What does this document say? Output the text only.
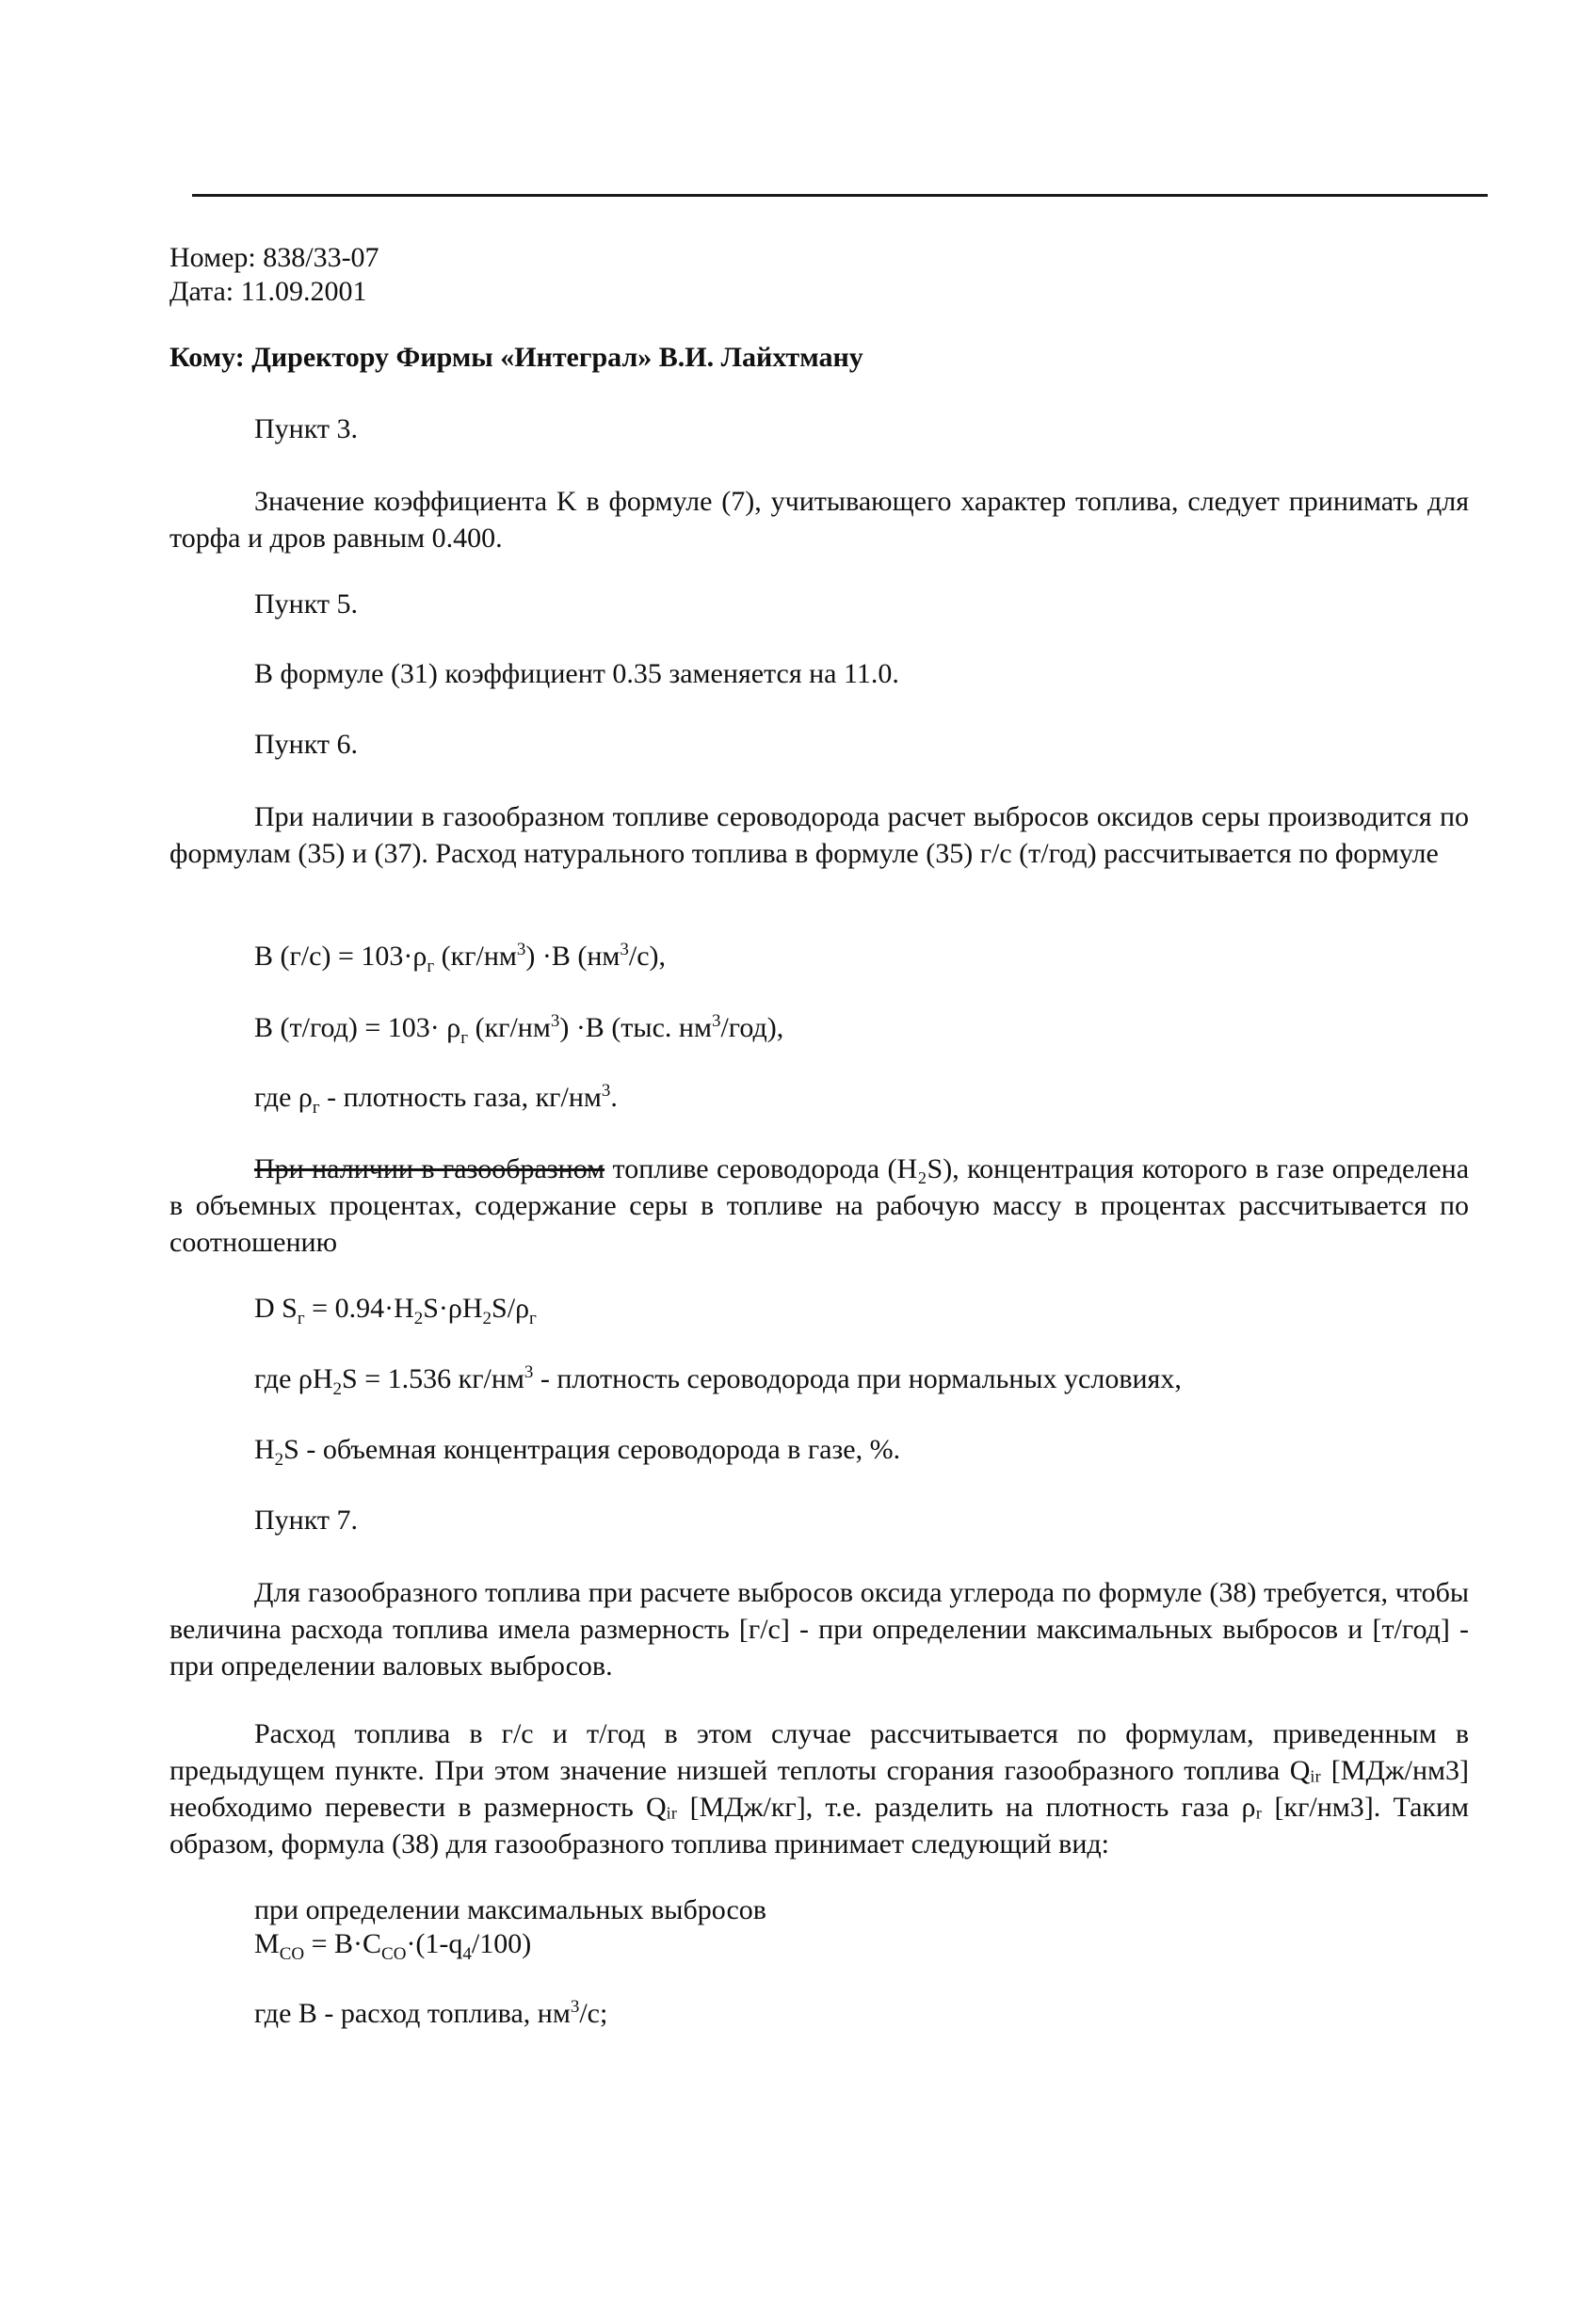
Номер: 838/33-07
Дата: 11.09.2001
Кому: Директору Фирмы «Интеграл» В.И. Лайхтману
Пункт 3.
Значение коэффициента K в формуле (7), учитывающего характер топлива, следует принимать для торфа и дров равным 0.400.
Пункт 5.
В формуле (31) коэффициент 0.35 заменяется на 11.0.
Пункт 6.
При наличии в газообразном топливе сероводорода расчет выбросов оксидов серы производится по формулам (35) и (37). Расход натурального топлива в формуле (35) г/с (т/год) рассчитывается по формуле
В $(г/с) = 103\cdot\rho_г$ $(кг/нм^3) \cdot В$ $(нм^3/с)$,
В $(т/год) = 103\cdot \rho_г$ $(кг/нм^3) \cdot В$ (тыс. $нм^3/год$),
где $\rho_г$ - плотность газа, $кг/нм^3$.
При наличии в газообразном топливе сероводорода (H₂S), концентрация которого в газе определена в объемных процентах, содержание серы в топливе на рабочую массу в процентах рассчитывается по соотношению
D $S_г = 0.94\cdot H_2S\cdot\rho H_2S/\rho_г$
где $\rho H_2S = 1.536$ $кг/нм^3$ - плотность сероводорода при нормальных условиях,
$H_2S$ - объемная концентрация сероводорода в газе, %.
Пункт 7.
Для газообразного топлива при расчете выбросов оксида углерода по формуле (38) требуется, чтобы величина расхода топлива имела размерность [г/с] - при определении максимальных выбросов и [т/год] - при определении валовых выбросов.
Расход топлива в г/с и т/год в этом случае рассчитывается по формулам, приведенным в предыдущем пункте. При этом значение низшей теплоты сгорания газообразного топлива Qᵢᵣ [МДж/нм3] необходимо перевести в размерность Qᵢᵣ [МДж/кг], т.е. разделить на плотность газа ρᵣ [кг/нм3]. Таким образом, формула (38) для газообразного топлива принимает следующий вид:
при определении максимальных выбросов
$M_{CO} = B\cdot C_{CO}\cdot(1-q_4/100)$
где В - расход топлива, $нм^3/с$;
